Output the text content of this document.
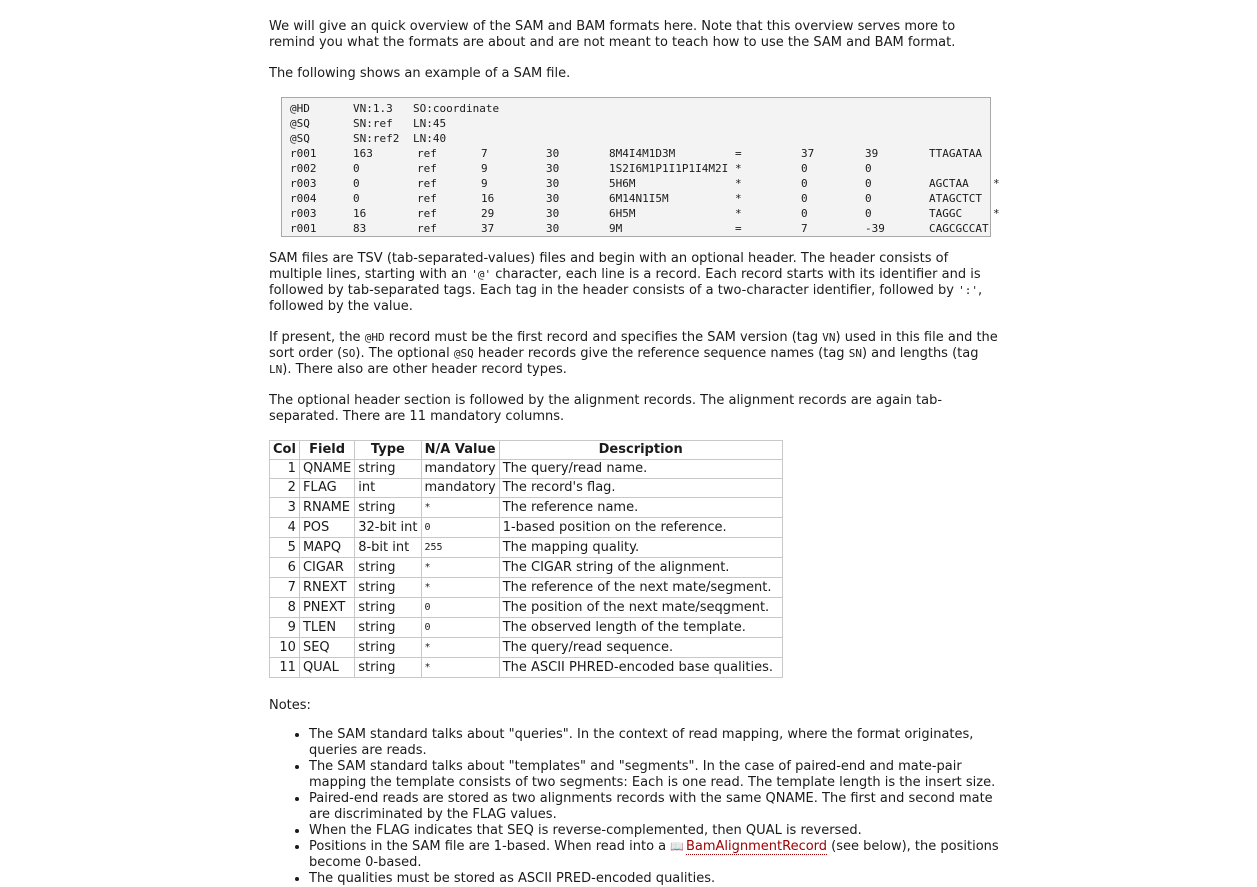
We will give an quick overview of the SAM and BAM formats here. Note that this overview serves more to remind you what the formats are about and are not meant to teach how to use the SAM and BAM format.

The following shows an example of a SAM file.

@HD	VN:1.3 SO:coordinate
@SQ	SN:ref LN:45
@SQ	SN:ref2 LN:40
r001	163	ref	7	30	8M4I4M1D3M	=	37	39	TTAGATAA
r002	0	ref	9	30	1S2I6M1P1I1P1I4M2I *	0	0
r003	0	ref	9	30	5H6M	*	0	0	AGCTAA *
r004	0	ref	16	30	6M14N1I5M	*	0	0	ATAGCTCT
r003	16	ref	29	30	6H5M	*	0	0	TAGGC	*
r001	83	ref	37	30	9M	=	7	-39	CAGCGCCAT

SAM files are TSV (tab-separated-values) files and begin with an optional header. The header consists of multiple lines, starting with an '@' character, each line is a record. Each record starts with its identifier and is followed by tab-separated tags. Each tag in the header consists of a two-character identifier, followed by ':', followed by the value.

If present, the @HD record must be the first record and specifies the SAM version (tag VN) used in this file and the sort order (SO). The optional @SQ header records give the reference sequence names (tag SN) and lengths (tag LN). There also are other header record types.

The optional header section is followed by the alignment records. The alignment records are again tab-separated. There are 11 mandatory columns.

Col	Field	Type	N/A Value	Description
1	QNAME	string	mandatory	The query/read name.
2	FLAG	int	mandatory	The record's flag.
3	RNAME	string	*	The reference name.
4	POS	32-bit int	0	1-based position on the reference.
5	MAPQ	8-bit int	255	The mapping quality.
6	CIGAR	string	*	The CIGAR string of the alignment.
7	RNEXT	string	*	The reference of the next mate/segment.
8	PNEXT	string	0	The position of the next mate/seqgment.
9	TLEN	string	0	The observed length of the template.
10	SEQ	string	*	The query/read sequence.
11	QUAL	string	*	The ASCII PHRED-encoded base qualities.

Notes:

• The SAM standard talks about "queries". In the context of read mapping, where the format originates, queries are reads.
• The SAM standard talks about "templates" and "segments". In the case of paired-end and mate-pair mapping the template consists of two segments: Each is one read. The template length is the insert size.
• Paired-end reads are stored as two alignments records with the same QNAME. The first and second mate are discriminated by the FLAG values.
• When the FLAG indicates that SEQ is reverse-complemented, then QUAL is reversed.
• Positions in the SAM file are 1-based. When read into a 📖 BamAlignmentRecord (see below), the positions become 0-based.
• The qualities must be stored as ASCII PRED-encoded qualities.
